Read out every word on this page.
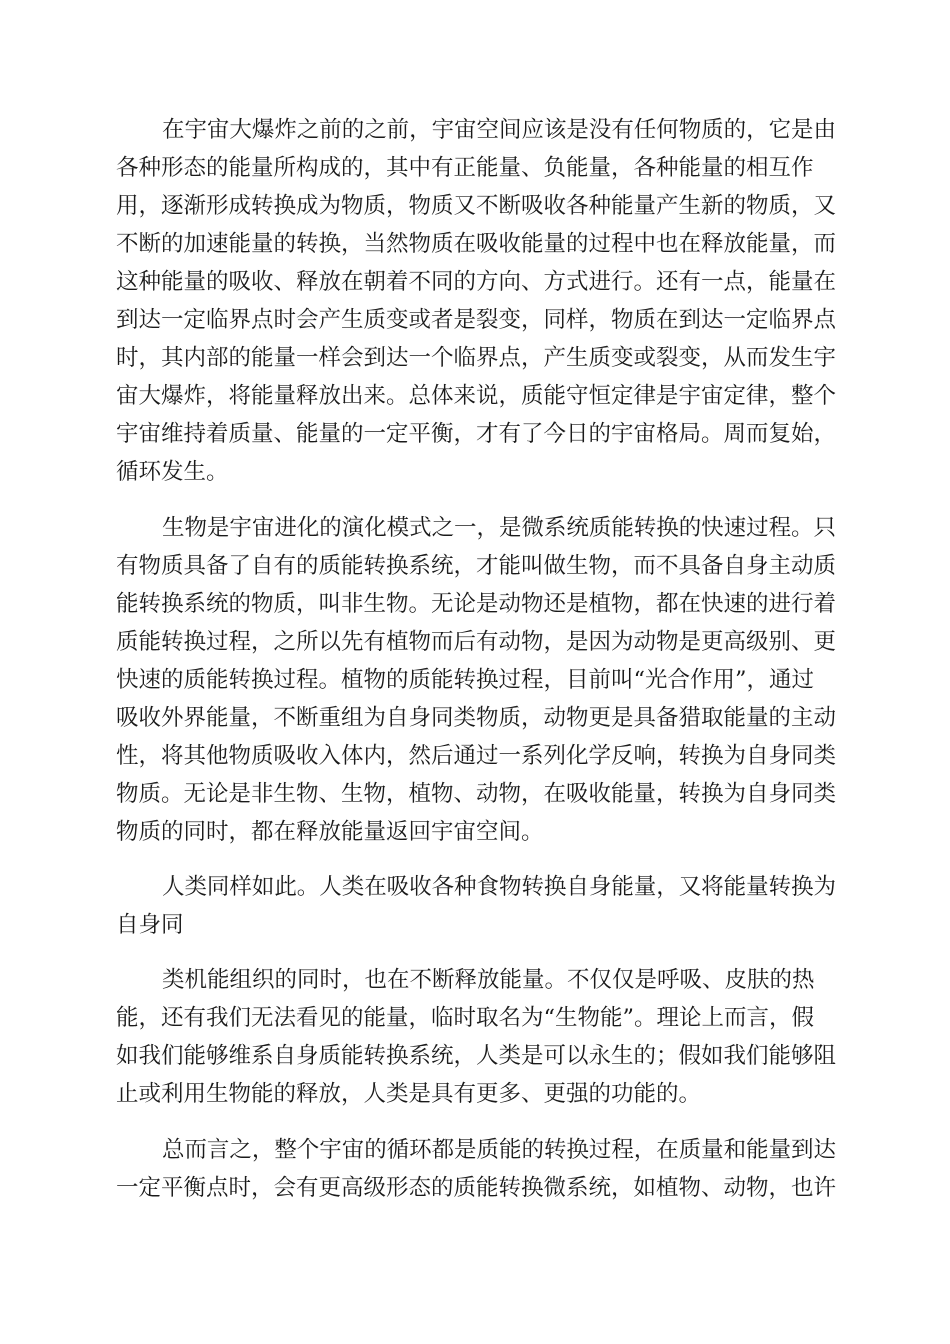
在宇宙大爆炸之前的之前，宇宙空间应该是没有任何物质的，它是由
各种形态的能量所构成的，其中有正能量、负能量，各种能量的相互作
用，逐渐形成转换成为物质，物质又不断吸收各种能量产生新的物质，又
不断的加速能量的转换，当然物质在吸收能量的过程中也在释放能量，而
这种能量的吸收、释放在朝着不同的方向、方式进行。还有一点，能量在
到达一定临界点时会产生质变或者是裂变，同样，物质在到达一定临界点
时，其内部的能量一样会到达一个临界点，产生质变或裂变，从而发生宇
宙大爆炸，将能量释放出来。总体来说，质能守恒定律是宇宙定律，整个
宇宙维持着质量、能量的一定平衡，才有了今日的宇宙格局。周而复始，
循环发生。
生物是宇宙进化的演化模式之一，是微系统质能转换的快速过程。只
有物质具备了自有的质能转换系统，才能叫做生物，而不具备自身主动质
能转换系统的物质，叫非生物。无论是动物还是植物，都在快速的进行着
质能转换过程，之所以先有植物而后有动物，是因为动物是更高级别、更
快速的质能转换过程。植物的质能转换过程，目前叫“光合作用”，通过
吸收外界能量，不断重组为自身同类物质，动物更是具备猎取能量的主动
性，将其他物质吸收入体内，然后通过一系列化学反响，转换为自身同类
物质。无论是非生物、生物，植物、动物，在吸收能量，转换为自身同类
物质的同时，都在释放能量返回宇宙空间。
人类同样如此。人类在吸收各种食物转换自身能量，又将能量转换为
自身同
类机能组织的同时，也在不断释放能量。不仅仅是呼吸、皮肤的热
能，还有我们无法看见的能量，临时取名为“生物能”。理论上而言，假
如我们能够维系自身质能转换系统，人类是可以永生的；假如我们能够阻
止或利用生物能的释放，人类是具有更多、更强的功能的。
总而言之，整个宇宙的循环都是质能的转换过程，在质量和能量到达
一定平衡点时，会有更高级形态的质能转换微系统，如植物、动物，也许
